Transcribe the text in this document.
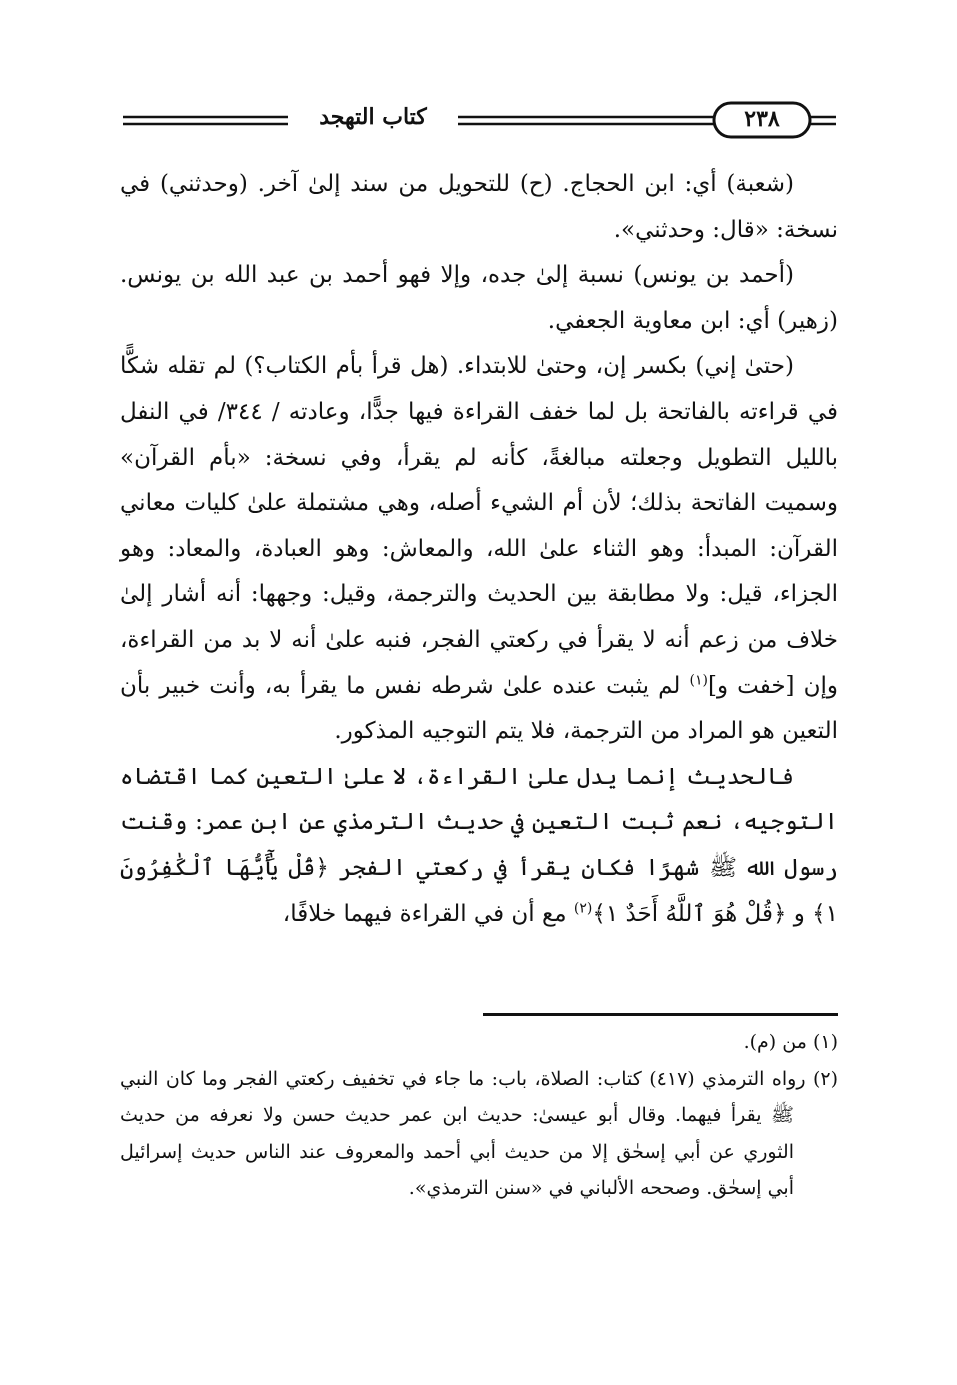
كتاب التهجد	٢٣٨

(شعبة) أي: ابن الحجاج. (ح) للتحويل من سند إلىٰ آخر. (وحدثني) في نسخة: «قال: وحدثني».

(أحمد بن يونس) نسبة إلىٰ جده، وإلا فهو أحمد بن عبد الله بن يونس. (زهير) أي: ابن معاوية الجعفي.

(حتىٰ إني) بكسر إن، وحتىٰ للابتداء. (هل قرأ بأم الكتاب؟) لم تقله شكًّا في قراءته بالفاتحة بل لما خفف القراءة فيها جدًّا، وعادته / ٣٤٤/ في النفل بالليل التطويل وجعلته مبالغةً، كأنه لم يقرأ، وفي نسخة: «بأم القرآن» وسميت الفاتحة بذلك؛ لأن أم الشيء أصله، وهي مشتملة علىٰ كليات معاني القرآن: المبدأ: وهو الثناء علىٰ الله، والمعاش: وهو العبادة، والمعاد: وهو الجزاء، قيل: ولا مطابقة بين الحديث والترجمة، وقيل: وجهها: أنه أشار إلىٰ خلاف من زعم أنه لا يقرأ في ركعتي الفجر، فنبه علىٰ أنه لا بد من القراءة، وإن [خفت و]$^{(١)}$ لم يثبت عنده علىٰ شرطه نفس ما يقرأ به، وأنت خبير بأن التعين هو المراد من الترجمة، فلا يتم التوجيه المذكور.

فالحديث إنما يدل علىٰ القراءة، لا علىٰ التعين كما اقتضاه التوجيه، نعم ثبت التعين في حديث الترمذي عن ابن عمر: وقنت رسول الله ﷺ شهرًا فكان يقرأ في ركعتي الفجر ﴿قُلْ يَٰٓأَيُّهَا ٱلْكَٰفِرُونَ ١﴾ و ﴿قُلْ هُوَ ٱللَّهُ أَحَدٌ ١﴾$^{(٢)}$ مع أن في القراءة فيهما خلافًا،

(١) من (م).

(٢) رواه الترمذي (٤١٧) كتاب: الصلاة، باب: ما جاء في تخفيف ركعتي الفجر وما كان النبي ﷺ يقرأ فيهما. وقال أبو عيسىٰ: حديث ابن عمر حديث حسن ولا نعرفه من حديث الثوري عن أبي إسحٰق إلا من حديث أبي أحمد والمعروف عند الناس حديث إسرائيل أبي إسحٰق. وصححه الألباني في «سنن الترمذي».
